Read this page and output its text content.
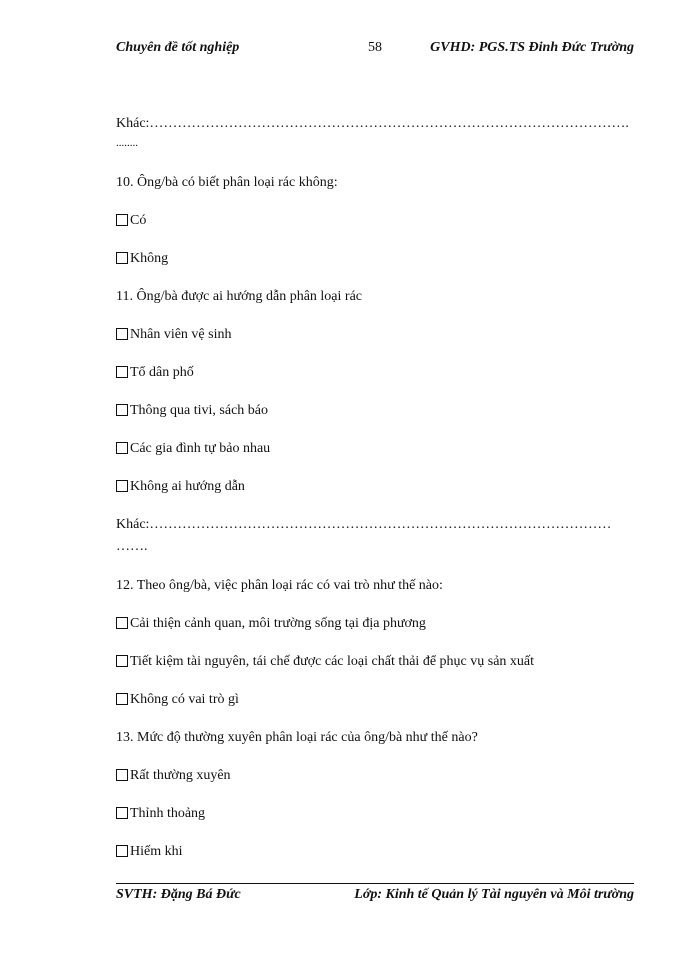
Chuyên đề tốt nghiệp	58	GVHD: PGS.TS Đinh Đức Trường
Khác:………………………………………………………………………………………….
........
10. Ông/bà có biết phân loại rác không:
Có
Không
11. Ông/bà được ai hướng dẫn phân loại rác
Nhân viên vệ sinh
Tổ dân phố
Thông qua tivi, sách báo
Các gia đình tự bảo nhau
Không ai hướng dẫn
Khác:………………………………………………………………………………………
…….
12. Theo ông/bà, việc phân loại rác có vai trò như thế nào:
Cải thiện cảnh quan, môi trường sống tại địa phương
Tiết kiệm tài nguyên, tái chế được các loại chất thải để phục vụ sản xuất
Không có vai trò gì
13. Mức độ thường xuyên phân loại rác của ông/bà như thế nào?
Rất thường xuyên
Thỉnh thoảng
Hiếm khi
SVTH: Đặng Bá Đức	Lớp: Kinh tế Quản lý Tài nguyên và Môi trường
